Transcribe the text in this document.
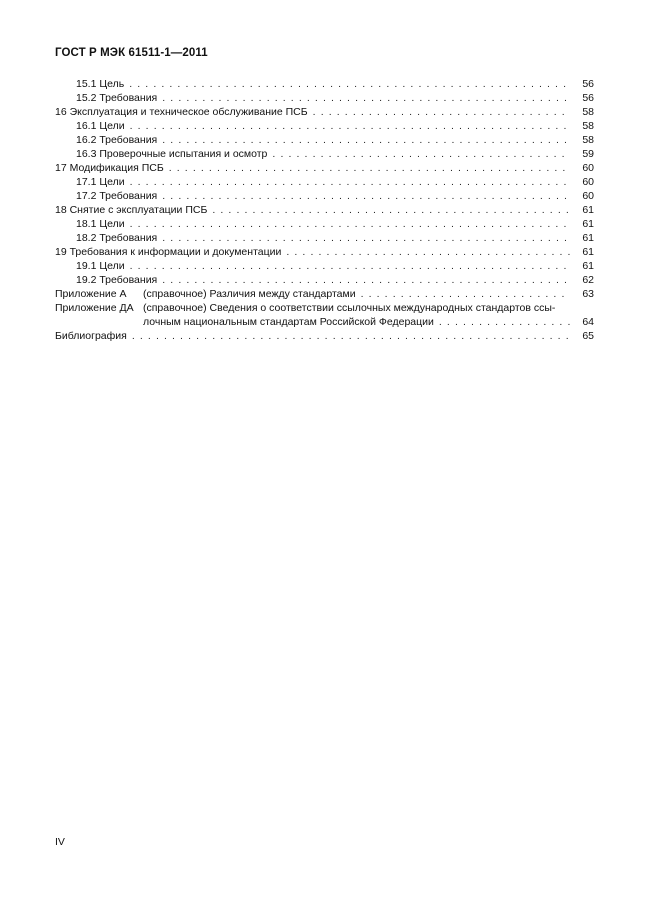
ГОСТ Р МЭК 61511-1—2011
15.1 Цель . . .	56
15.2 Требования . . .	56
16 Эксплуатация и техническое обслуживание ПСБ . . .	58
16.1 Цели . . .	58
16.2 Требования . . .	58
16.3 Проверочные испытания и осмотр . . .	59
17 Модификация ПСБ . . .	60
17.1 Цели . . .	60
17.2 Требования . . .	60
18 Снятие с эксплуатации ПСБ . . .	61
18.1 Цели . . .	61
18.2 Требования . . .	61
19 Требования к информации и документации . . .	61
19.1 Цели . . .	61
19.2 Требования . . .	62
Приложение А (справочное) Различия между стандартами . . .	63
Приложение ДА (справочное) Сведения о соответствии ссылочных международных стандартов ссы-
лочным национальным стандартам Российской Федерации . . .	64
Библиография . . .	65
IV
